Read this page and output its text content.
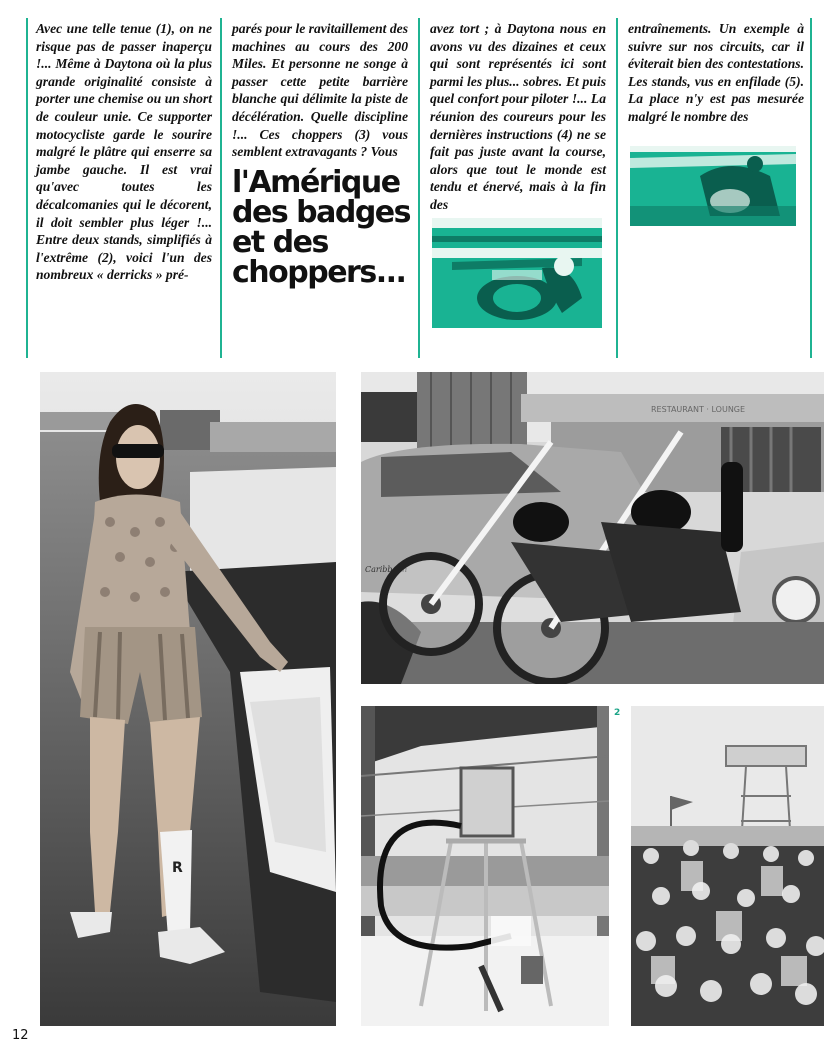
Avec une telle tenue (1), on ne risque pas de passer inaperçu !... Même à Daytona où la plus grande originalité consiste à porter une chemise ou un short de couleur unie. Ce supporter motocycliste garde le sourire malgré le plâtre qui enserre sa jambe gauche. Il est vrai qu'avec toutes les décalcomanies qui le décorent, il doit sembler plus léger !... Entre deux stands, simplifiés à l'extrême (2), voici l'un des nombreux « derricks » pré-
parés pour le ravitaillement des machines au cours des 200 Miles. Et personne ne songe à passer cette petite barrière blanche qui délimite la piste de décélération. Quelle discipline !... Ces choppers (3) vous semblent extravagants ? Vous
avez tort ; à Daytona nous en avons vu des dizaines et ceux qui sont représentés ici sont parmi les plus... sobres. Et puis quel confort pour piloter !... La réunion des coureurs pour les dernières instructions (4) ne se fait pas juste avant la course, alors que tout le monde est tendu et énervé, mais à la fin des
entraînements. Un exemple à suivre sur nos circuits, car il éviterait bien des contestations. Les stands, vus en enfilade (5). La place n'y est pas mesurée malgré le nombre des
l'Amérique des badges et des choppers...
R
RESTAURANT · LOUNGE
Caribbean
2
12
